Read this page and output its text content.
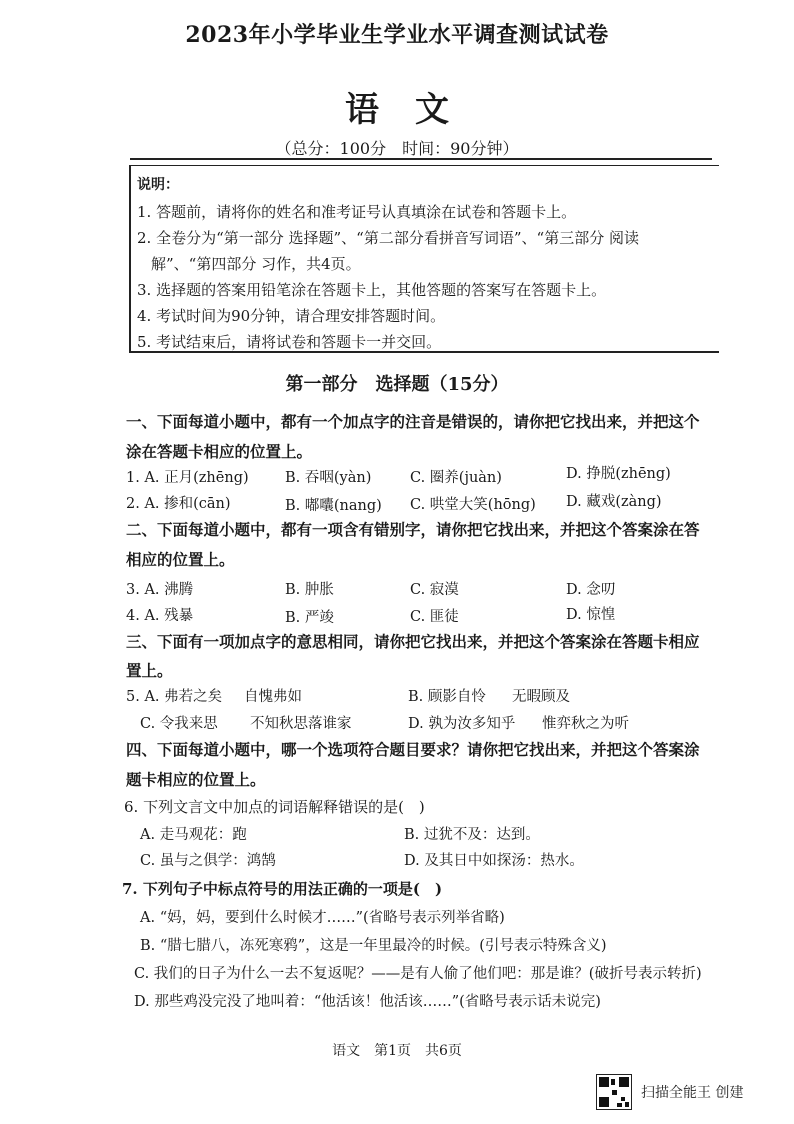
2023年小学毕业生学业水平调查测试试卷
语文
（总分：100分　时间：90分钟）
说明：
1. 答题前，请将你的姓名和准考证号认真填涂在试卷和答题卡上。
2. 全卷分为“第一部分 选择题”、“第二部分看拼音写词语”、“第三部分 阅读
解”、“第四部分 习作，共4页。
3. 选择题的答案用铅笔涂在答题卡上，其他答题的答案写在答题卡上。
4. 考试时间为90分钟，请合理安排答题时间。
5. 考试结束后，请将试卷和答题卡一并交回。
第一部分　选择题（15分）
一、下面每道小题中，都有一个加点字的注音是错误的，请你把它找出来，并把这个
涂在答题卡相应的位置上。
1. A. 正月(zhēng)	B. 吞咽(yàn)	C. 圈养(juàn)	D. 挣脱(zhēng)
2. A. 掺和(cān)	B. 嘟囔(nang) C. 哄堂大笑(hōng) D. 藏戏(zàng)
二、下面每道小题中，都有一项含有错别字，请你把它找出来，并把这个答案涂在答
相应的位置上。
3. A. 沸腾	B. 肿胀	C. 寂漠	D. 念叨
4. A. 残暴	B. 严竣	C. 匪徒	D. 惊惶
三、下面有一项加点字的意思相同，请你把它找出来，并把这个答案涂在答题卡相应
置上。
5. A. 弗若之矣 自愧弗如	B. 顾影自怜 无暇顾及
C. 令我来思 不知秋思落谁家	D. 孰为汝多知乎 惟弈秋之为听
四、下面每道小题中，哪一个选项符合题目要求？请你把它找出来，并把这个答案涂
题卡相应的位置上。
6. 下列文言文中加点的词语解释错误的是(　)
A. 走马观花：跑	B. 过犹不及：达到。
C. 虽与之俱学：鸿鹄	D. 及其日中如探汤：热水。
7. 下列句子中标点符号的用法正确的一项是(　)
A. “妈，妈，要到什么时候才……”(省略号表示列举省略)
B. “腊七腊八，冻死寒鸦”，这是一年里最冷的时候。(引号表示特殊含义)
C. 我们的日子为什么一去不复返呢？——是有人偷了他们吧：那是谁？(破折号表示转折)
D. 那些鸡没完没了地叫着：“他活该！他活该……”(省略号表示话未说完)
语文　第1页　共6页
扫描全能王 创建
